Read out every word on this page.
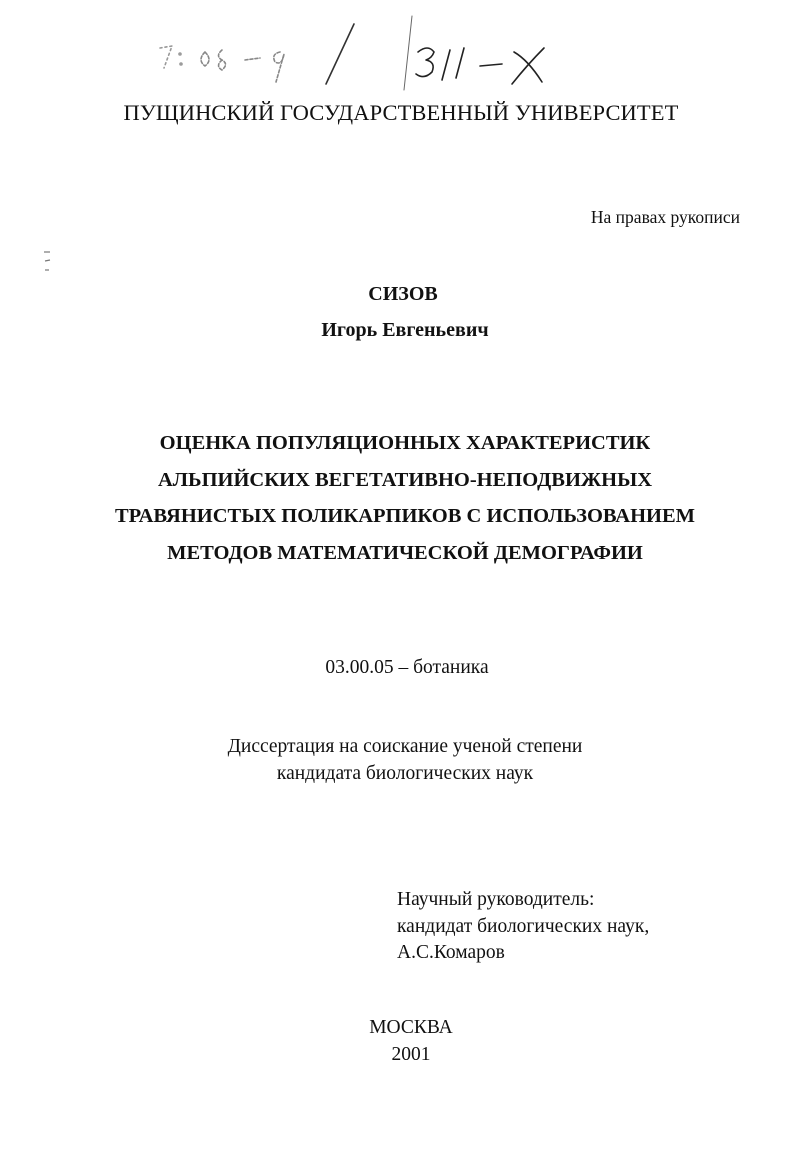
ПУЩИНСКИЙ ГОСУДАРСТВЕННЫЙ УНИВЕРСИТЕТ
На правах рукописи
СИЗОВ
Игорь Евгеньевич
ОЦЕНКА ПОПУЛЯЦИОННЫХ ХАРАКТЕРИСТИК
АЛЬПИЙСКИХ ВЕГЕТАТИВНО-НЕПОДВИЖНЫХ
ТРАВЯНИСТЫХ ПОЛИКАРПИКОВ С ИСПОЛЬЗОВАНИЕМ
МЕТОДОВ МАТЕМАТИЧЕСКОЙ ДЕМОГРАФИИ
03.00.05 – ботаника
Диссертация на соискание ученой степени
кандидата биологических наук
Научный руководитель:
кандидат биологических наук,
А.С.Комаров
МОСКВА
2001
